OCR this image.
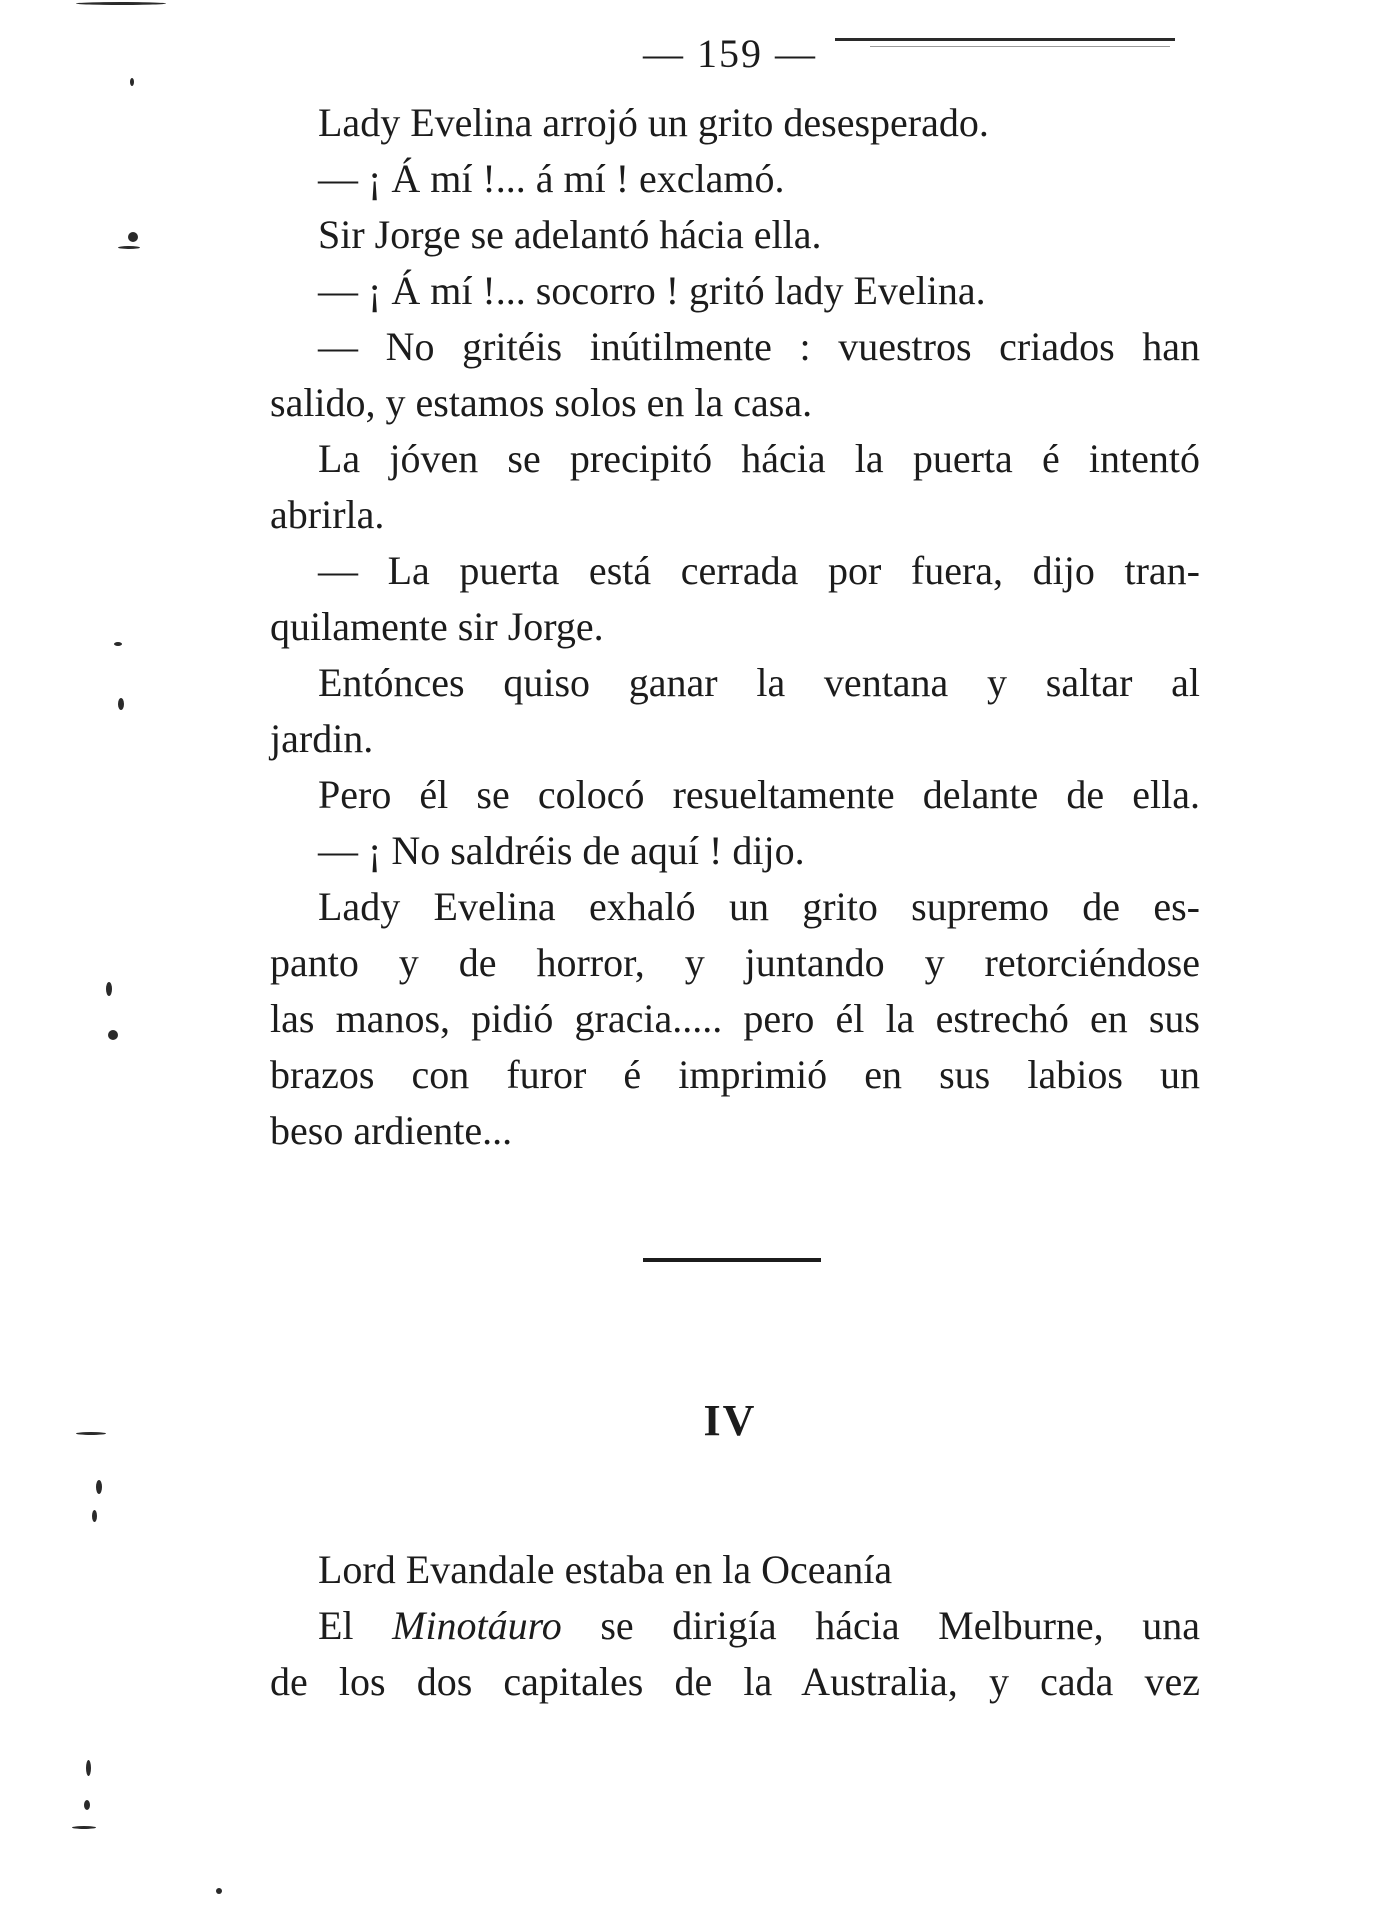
— 159 —
Lady Evelina arrojó un grito desesperado.
— ¡ Á mí !... á mí ! exclamó.
Sir Jorge se adelantó hácia ella.
— ¡ Á mí !... socorro ! gritó lady Evelina.
— No gritéis inútilmente : vuestros criados han
salido, y estamos solos en la casa.
La jóven se precipitó hácia la puerta é intentó
abrirla.
— La puerta está cerrada por fuera, dijo tran-
quilamente sir Jorge.
Entónces quiso ganar la ventana y saltar al
jardin.
Pero él se colocó resueltamente delante de ella.
— ¡ No saldréis de aquí ! dijo.
Lady Evelina exhaló un grito supremo de es-
panto y de horror, y juntando y retorciéndose
las manos, pidió gracia..... pero él la estrechó en sus
brazos con furor é imprimió en sus labios un
beso ardiente...
IV
Lord Evandale estaba en la Oceanía
El Minotáuro se dirigía hácia Melburne, una
de los dos capitales de la Australia, y cada vez
